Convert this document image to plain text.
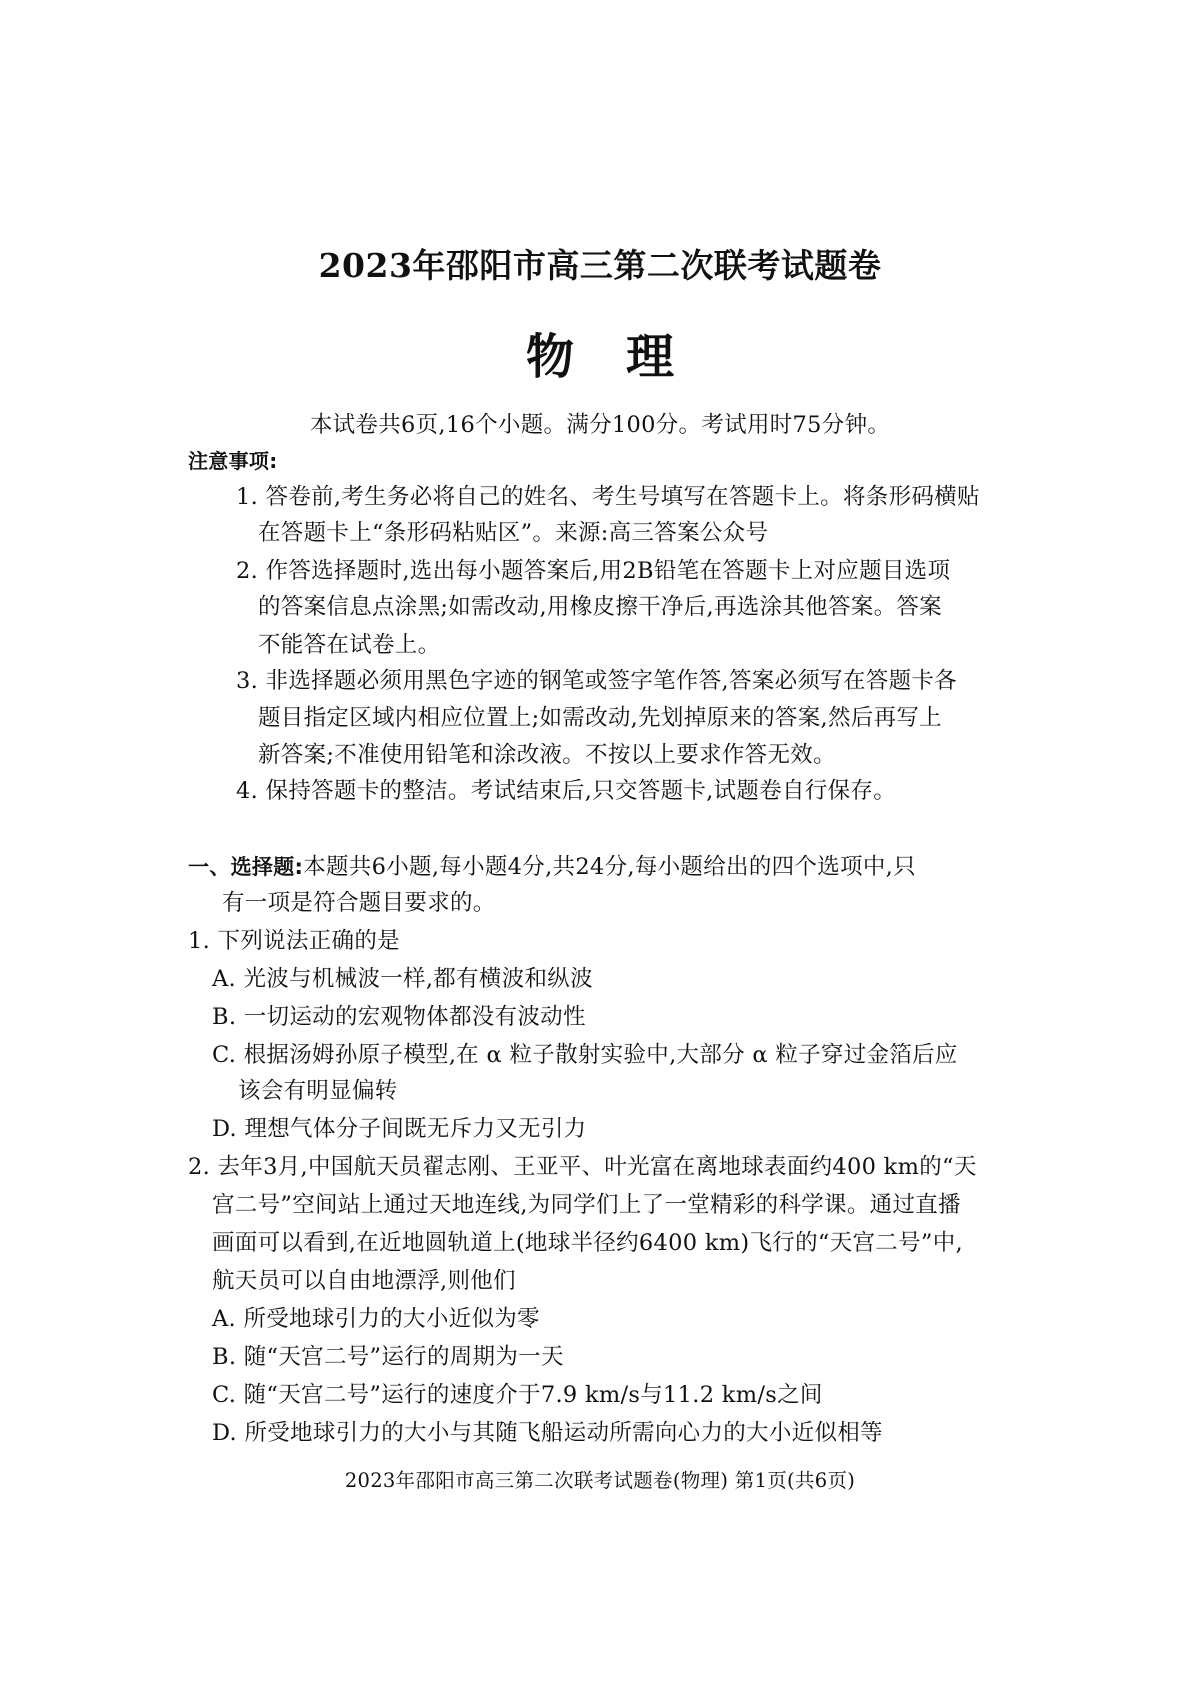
2023年邵阳市高三第二次联考试题卷
物理
本试卷共6页,16个小题。满分100分。考试用时75分钟。
注意事项:
1. 答卷前,考生务必将自己的姓名、考生号填写在答题卡上。将条形码横贴
在答题卡上“条形码粘贴区”。来源:高三答案公众号
2. 作答选择题时,选出每小题答案后,用2B铅笔在答题卡上对应题目选项
的答案信息点涂黑;如需改动,用橡皮擦干净后,再选涂其他答案。答案
不能答在试卷上。
3. 非选择题必须用黑色字迹的钢笔或签字笔作答,答案必须写在答题卡各
题目指定区域内相应位置上;如需改动,先划掉原来的答案,然后再写上
新答案;不准使用铅笔和涂改液。不按以上要求作答无效。
4. 保持答题卡的整洁。考试结束后,只交答题卡,试题卷自行保存。
一、选择题:本题共6小题,每小题4分,共24分,每小题给出的四个选项中,只
有一项是符合题目要求的。
1. 下列说法正确的是
A. 光波与机械波一样,都有横波和纵波
B. 一切运动的宏观物体都没有波动性
C. 根据汤姆孙原子模型,在 α 粒子散射实验中,大部分 α 粒子穿过金箔后应
该会有明显偏转
D. 理想气体分子间既无斥力又无引力
2. 去年3月,中国航天员翟志刚、王亚平、叶光富在离地球表面约400 km的“天
宫二号”空间站上通过天地连线,为同学们上了一堂精彩的科学课。通过直播
画面可以看到,在近地圆轨道上(地球半径约6400 km)飞行的“天宫二号”中,
航天员可以自由地漂浮,则他们
A. 所受地球引力的大小近似为零
B. 随“天宫二号”运行的周期为一天
C. 随“天宫二号”运行的速度介于7.9 km/s与11.2 km/s之间
D. 所受地球引力的大小与其随飞船运动所需向心力的大小近似相等
2023年邵阳市高三第二次联考试题卷(物理) 第1页(共6页)
